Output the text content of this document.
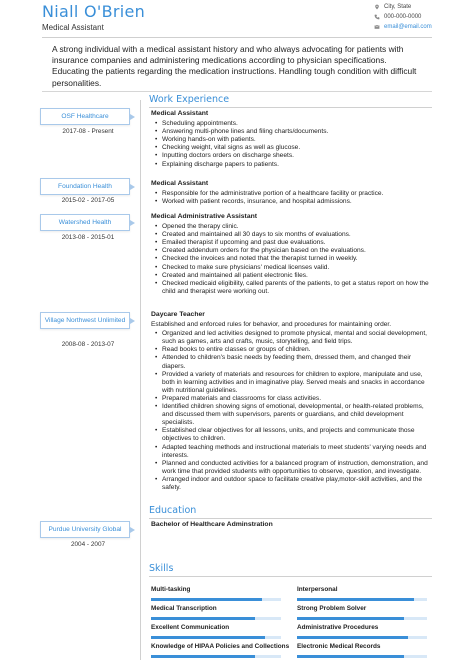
Niall O'Brien
Medical Assistant
City, State
000-000-0000
email@email.com
A strong individual with a medical assistant history and who always advocating for patients with insurance companies and administering medications according to physician specifications. Educating the patients regarding the medication instructions. Handling tough condition with difficult personalities.
Work Experience
OSF Healthcare
2017-08 - Present
Medical Assistant
• Scheduling appointments.
• Answering multi-phone lines and filing charts/documents.
• Working hands-on with patients.
• Checking weight, vital signs as well as glucose.
• Inputting doctors orders on discharge sheets.
• Explaining discharge papers to patients.
Foundation Health
2015-02 - 2017-05
Medical Assistant
• Responsible for the administrative portion of a healthcare facility or practice.
• Worked with patient records, insurance, and hospital admissions.
Watershed Health
2013-08 - 2015-01
Medical Administrative Assistant
• Opened the therapy clinic.
• Created and maintained all 30 days to six months of evaluations.
• Emailed therapist if upcoming and past due evaluations.
• Created addendum orders for the physician based on the evaluations.
• Checked the invoices and noted that the therapist turned in weekly.
• Checked to make sure physicians' medical licenses valid.
• Created and maintained all patient electronic files.
• Checked medicaid eligibility, called parents of the patients, to get a status report on how the child and therapist were working out.
Village Northwest Unlimited
2008-08 - 2013-07
Daycare Teacher
Established and enforced rules for behavior, and procedures for maintaining order.
• Organized and led activities designed to promote physical, mental and social development, such as games, arts and crafts, music, storytelling, and field trips.
• Read books to entire classes or groups of children.
• Attended to children's basic needs by feeding them, dressed them, and changed their diapers.
• Provided a variety of materials and resources for children to explore, manipulate and use, both in learning activities and in imaginative play. Served meals and snacks in accordance with nutritional guidelines.
• Prepared materials and classrooms for class activities.
• Identified children showing signs of emotional, developmental, or health-related problems, and discussed them with supervisors, parents or guardians, and child development specialists.
• Established clear objectives for all lessons, units, and projects and communicate those objectives to children.
• Adapted teaching methods and instructional materials to meet students' varying needs and interests.
• Planned and conducted activities for a balanced program of instruction, demonstration, and work time that provided students with opportunities to observe, question, and investigate.
• Arranged indoor and outdoor space to facilitate creative play,motor-skill activities, and the safety.
Education
Purdue University Global
2004 - 2007
Bachelor of Healthcare Adminstration
Skills
Multi-tasking	Interpersonal
Medical Transcription	Strong Problem Solver
Excellent Communication	Administrative Procedures
Knowledge of HIPAA Policies and Collections	Electronic Medical Records
